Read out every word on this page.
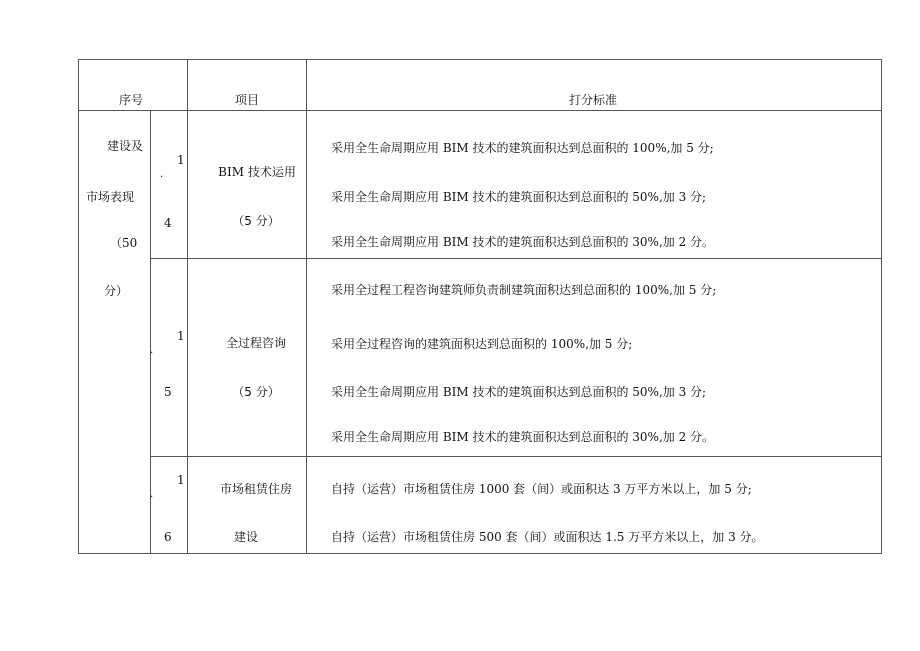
序号	项目	打分标准
建设及
市场表现
（50
分）
1
.
4
BIM 技术运用
（5 分）
采用全生命周期应用 BIM 技术的建筑面积达到总面积的 100%,加 5 分;
采用全生命周期应用 BIM 技术的建筑面积达到总面积的 50%,加 3 分;
采用全生命周期应用 BIM 技术的建筑面积达到总面积的 30%,加 2 分。
1
.
5
全过程咨询
（5 分）
采用全过程工程咨询建筑师负责制建筑面积达到总面积的 100%,加 5 分;
采用全过程咨询的建筑面积达到总面积的 100%,加 5 分;
采用全生命周期应用 BIM 技术的建筑面积达到总面积的 50%,加 3 分;
采用全生命周期应用 BIM 技术的建筑面积达到总面积的 30%,加 2 分。
1
.
6
市场租赁住房
建设
自持（运营）市场租赁住房 1000 套（间）或面积达 3 万平方米以上，加 5 分;
自持（运营）市场租赁住房 500 套（间）或面积达 1.5 万平方米以上，加 3 分。
